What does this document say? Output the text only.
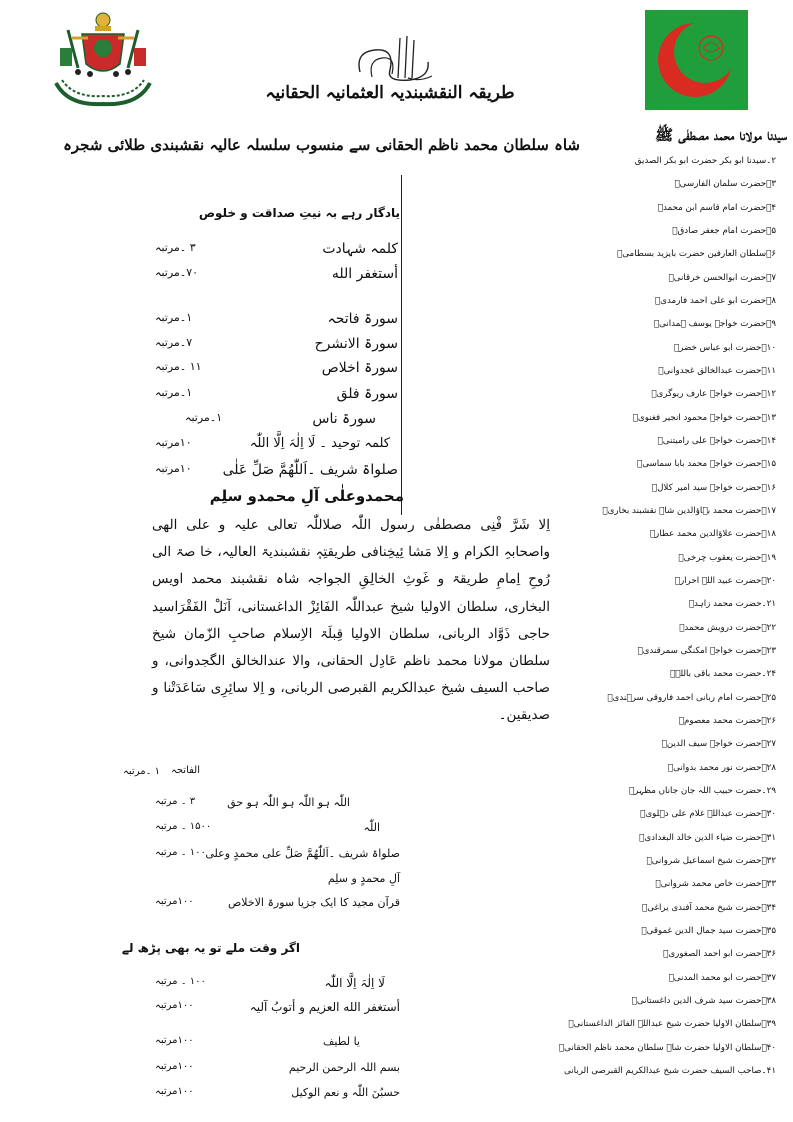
طریقہ النقشبندیہ العثمانیہ الحقانیہ
شاہ سلطان محمد ناظم الحقانی سے منسوب سلسلہ عالیہ نقشبندی طلائی شجرہ
یادگار رہے بہ نیتِ صداقت و خلوص
کلمہ شہادت
۳ ۔مرتبہ
أستغفر الله
۷۰۔مرتبہ
سورۃ فاتحہ
۱۔مرتبہ
سورۃ الانشرح
۷۔مرتبہ
سورۃ اخلاص
۱۱ ۔مرتبہ
سورۃ فلق
۱۔مرتبہ
سورۃ ناس
۱۔مرتبہ
کلمہ توحید ۔ لَا اِلٰہَ اِلَّا اللّٰہ
۱۰مرتبہ
صلواۃ شریف ۔اَللّٰهُمَّ صَلِّ عَلٰی
۱۰مرتبہ
محمدوعلٰی آلِ محمدو سلِم
اِلا شَرَّ فْنِی مصطفٰی رسول اللّٰہ صلاللّٰہ تعالی علیہ و علی الهی واصحابہِ الکرام و اِلا مَشا ئِیخِنافی طریقتِہٖ نقشبندیۃ العالیہ، خا صۃ الی رُوحِ اِمامِ طریقۃ و غَوثِ الخالِقِ الجواجہ شاہ نقشبند محمد اویس البخاری، سلطان الاولیا شیخ عبداللّٰہ الفَائِزْ الداغستانی، آنَلْ الفَقْرَاسید حاجی ذَوَّاد الربانی، سلطان الاولیا قِبلَۃ الاِسلام صاحبِ الزّمان شیخ سلطان مولانا محمد ناظم عَادِل الحقانی، والا عندالخالق الگجدوانی، و صاحب السیف شیخ عبدالکریم القبرصی الربانی، و اِلا سائِرِی سَاعَدَتْنا و صدیقین۔
الفاتحہ
۱ ۔مرتبہ
اللّٰہ ہو اللّٰہ ہو اللّٰہ ہو حق
۳ ۔ مرتبہ
اللّٰہ
۱۵۰۰ ۔ مرتبہ
صلواۃ شریف ۔اَللّٰهُمَّ صَلِّ علی محمدٍ وعلی
۱۰۰ ۔ مرتبہ
آلِ محمدٍ و سلِم
قرآن مجید کا ایک جزیا سورۃ الاخلاص
۱۰۰مرتبہ
اگر وقت ملے تو یہ بھی پڑھ لے
لَا اِلٰہَ اِلَّا اللّٰہ
۱۰۰ ۔ مرتبہ
أستغفر الله العزیم و أتوبُ آلیہ
۱۰۰مرتبہ
یا لطیف
۱۰۰مرتبہ
بسم اللہ الرحمن الرحیم
۱۰۰مرتبہ
حسبُنَ اللّٰہ و نعم الوکیل
۱۰۰مرتبہ
سیدنا مولانا محمد مصطفٰی ﷺ
۲۔سیدنا ابو بکر حضرت ابو بکر الصدیق
۳۔حضرت سلمان الفارسیؓ
۴۔حضرت امام قاسم ابن محمدؒ
۵۔حضرت امام جعفر صادقؒ
۶۔سلطان العارفین حضرت بایزید بسطامیؒ
۷۔حضرت ابوالحسن خرقانیؒ
۸۔حضرت ابو علی احمد فارمدیؒ
۹۔حضرت خواجہ یوسف ہمدانیؒ
۱۰۔حضرت ابو عباس خضرؑ
۱۱۔حضرت عبدالخالق غجدوانیؒ
۱۲۔حضرت خواجہ عارف ریوگریؒ
۱۳۔حضرت خواجہ محمود انجیر فغنویؒ
۱۴۔حضرت خواجہ علی رامیتنیؒ
۱۵۔حضرت خواجہ محمد بابا سماسیؒ
۱۶۔حضرت خواجہ سید امیر کلالؒ
۱۷۔حضرت محمد بہاؤالدین شاہ نقشبند بخاریؒ
۱۸۔حضرت علاؤالدین محمد عطارؒ
۱۹۔حضرت یعقوب چرخیؒ
۲۰۔حضرت عبید اللہ احرارؒ
۲۱۔حضرت محمد زاہدؒ
۲۲۔حضرت درویش محمدؒ
۲۳۔حضرت خواجہ امکنگی سمرقندیؒ
۲۴۔حضرت محمد باقی باللہؒ
۲۵۔حضرت امام ربانی احمد فاروقی سرہندیؒ
۲۶۔حضرت محمد معصومؒ
۲۷۔حضرت خواجہ سیف الدینؒ
۲۸۔حضرت نور محمد بدوانیؒ
۲۹۔حضرت حبیب اللہ جان جاناں مظہرؒ
۳۰۔حضرت عبداللہ غلام علی دہلویؒ
۳۱۔حضرت ضیاء الدین خالد البغدادیؒ
۳۲۔حضرت شیخ اسماعیل شروانیؒ
۳۳۔حضرت خاص محمد شروانیؒ
۳۴۔حضرت شیخ محمد آفندی یراغیؒ
۳۵۔حضرت سید جمال الدین غموقیؒ
۳۶۔حضرت ابو احمد الصغوریؒ
۳۷۔حضرت ابو محمد المدنیؒ
۳۸۔حضرت سید شرف الدین داغستانیؒ
۳۹۔سلطان الاولیا حضرت شیخ عبداللہ الفائز الداغستانیؒ
۴۰۔سلطان الاولیا حضرت شاہ سلطان محمد ناظم الحقانیؒ
۴۱۔صاحب السیف حضرت شیخ عبدالکریم القبرصی الربانی
